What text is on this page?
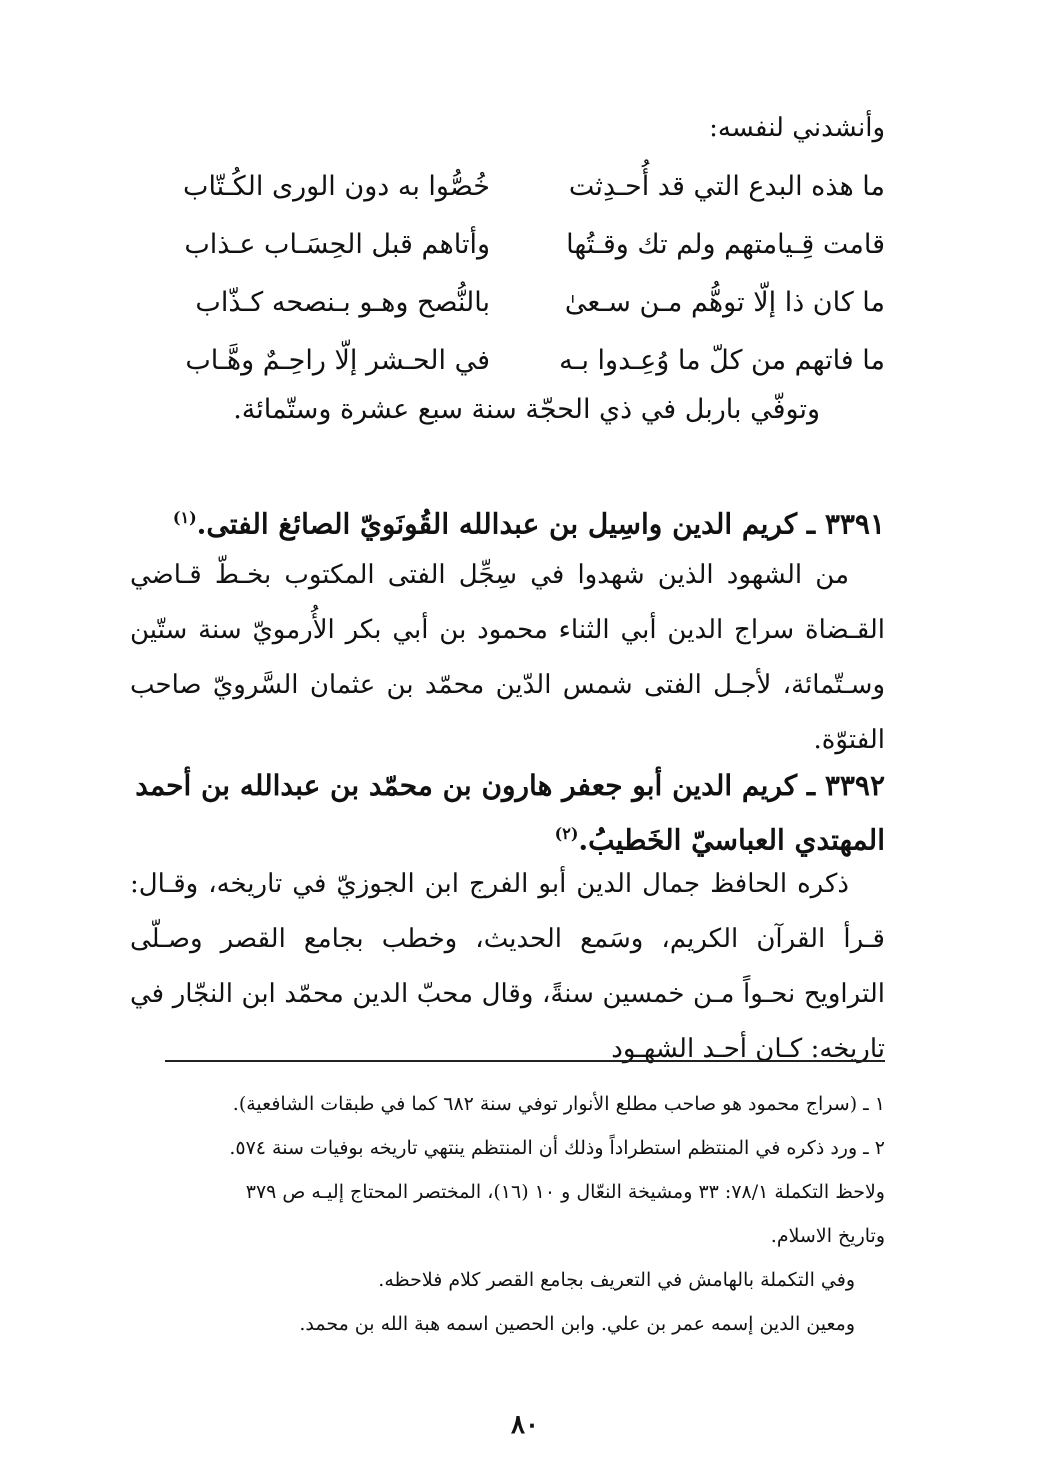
وأنشدني لنفسه:
ما هذه البدع التي قد أُحـدِثت
خُصُّوا به دون الورى الكُـتّاب
قامت قِـيامتهم ولم تك وقـتُها
وأتاهم قبل الحِسَـاب عـذاب
ما كان ذا إلّا توهُّم مـن سـعىٰ
بالنُّصح وهـو بـنصحه كـذّاب
ما فاتهم من كلّ ما وُعِـدوا بـه
في الحـشر إلّا راحِـمٌ وهَّـاب
وتوفّي باربل في ذي الحجّة سنة سبع عشرة وستّمائة.
٣٣٩١ ـ كريم الدين واسِيل بن عبدالله القُونَويّ الصائغ الفتى.$^{(١)}$
من الشهود الذين شهدوا في سِجِّل الفتى المكتوب بخـطّ قـاضي القـضاة سراج الدين أبي الثناء محمود بن أبي بكر الأُرمويّ سنة ستّين وسـتّمائة، لأجـل الفتى شمس الدّين محمّد بن عثمان السَّرويّ صاحب الفتوّة.
٣٣٩٢ ـ كريم الدين أبو جعفر هارون بن محمّد بن عبدالله بن أحمد المهتدي العباسيّ الخَطيبُ.$^{(٢)}$
ذكره الحافظ جمال الدين أبو الفرج ابن الجوزيّ في تاريخه، وقـال: قـرأ القرآن الكريم، وسَمع الحديث، وخطب بجامع القصر وصـلّى التراويح نحـواً مـن خمسين سنةً، وقال محبّ الدين محمّد ابن النجّار في تاريخه: كـان أحـد الشهـود
١ ـ (سراج محمود هو صاحب مطلع الأنوار توفي سنة ٦٨٢ كما في طبقات الشافعية).
٢ ـ ورد ذكره في المنتظم استطراداً وذلك أن المنتظم ينتهي تاريخه بوفيات سنة ٥٧٤.
ولاحظ التكملة ٧٨/١: ٣٣ ومشيخة النعّال و ١٠ (١٦)، المختصر المحتاج إليـه ص ٣٧٩
وتاريخ الاسلام.
وفي التكملة بالهامش في التعريف بجامع القصر كلام فلاحظه.
ومعين الدين إسمه عمر بن علي. وابن الحصين اسمه هبة الله بن محمد.
٨٠
